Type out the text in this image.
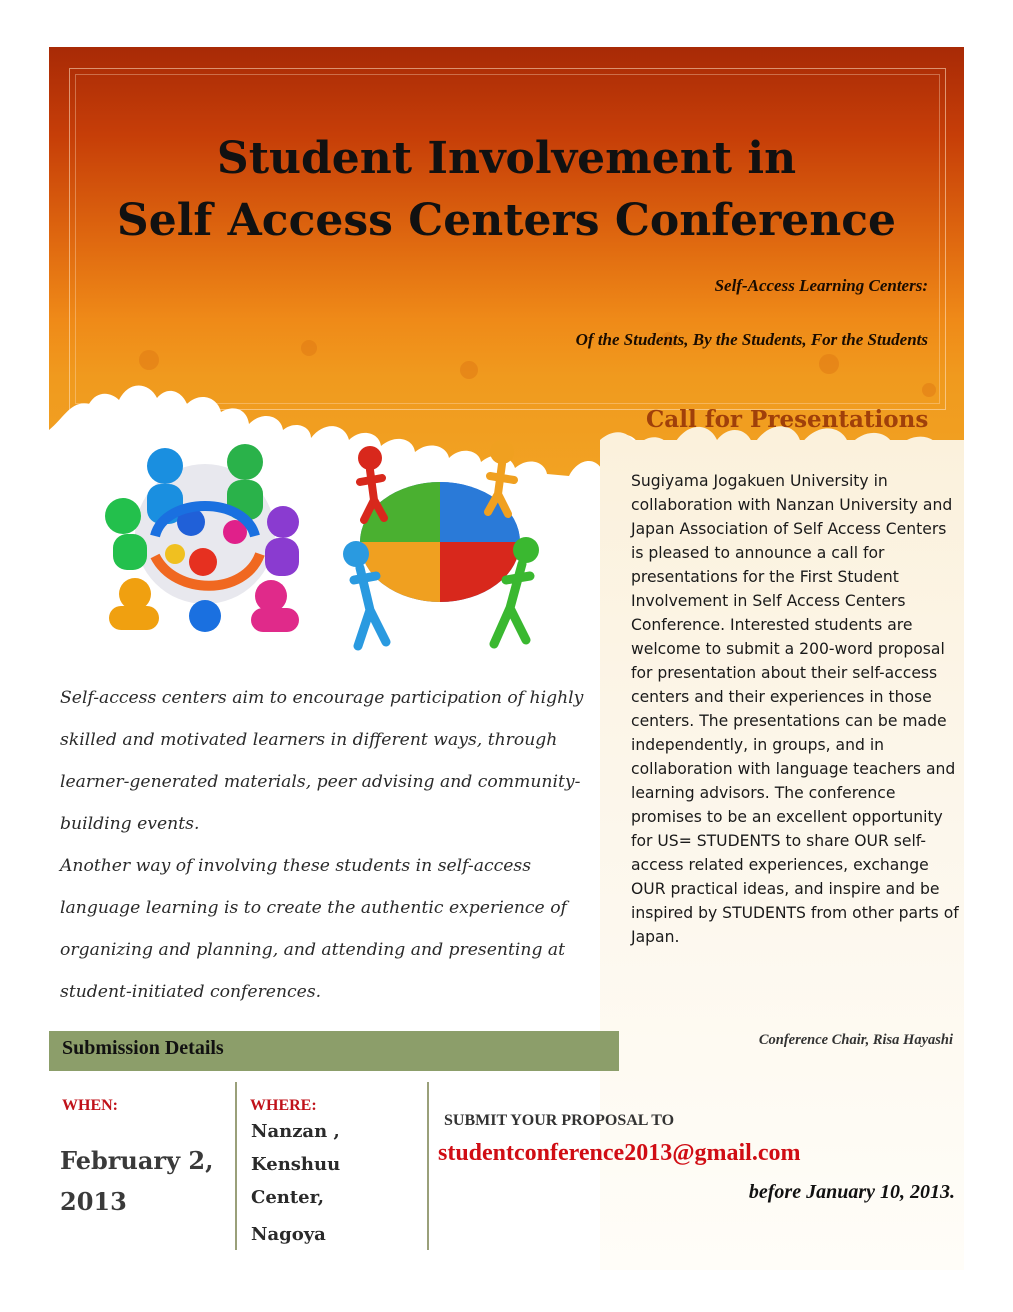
Student Involvement in
Self Access Centers Conference

Self-Access Learning Centers:

Of the Students, By the Students, For the Students

Call for Presentations

Self-access centers aim to encourage participation of highly skilled and motivated learners in different ways, through learner-generated materials, peer advising and community-building events.

Another way of involving these students in self-access language learning is to create the authentic experience of organizing and planning, and attending and presenting at student-initiated conferences.

Sugiyama Jogakuen University in collaboration with Nanzan University and Japan Association of Self Access Centers is pleased to announce a call for presentations for the First Student Involvement in Self Access Centers Conference. Interested students are welcome to submit a 200-word proposal for presentation about their self-access centers and their experiences in those centers. The presentations can be made independently, in groups, and in collaboration with language teachers and learning advisors. The conference promises to be an excellent opportunity for US= STUDENTS to share OUR self-access related experiences, exchange OUR practical ideas, and inspire and be inspired by STUDENTS from other parts of Japan.

Conference Chair, Risa Hayashi

Submission Details

WHEN:

February 2,
2013

WHERE:

Nanzan ,
Kenshuu
Center,
Nagoya

SUBMIT YOUR PROPOSAL TO

studentconference2013@gmail.com

before January 10, 2013.
